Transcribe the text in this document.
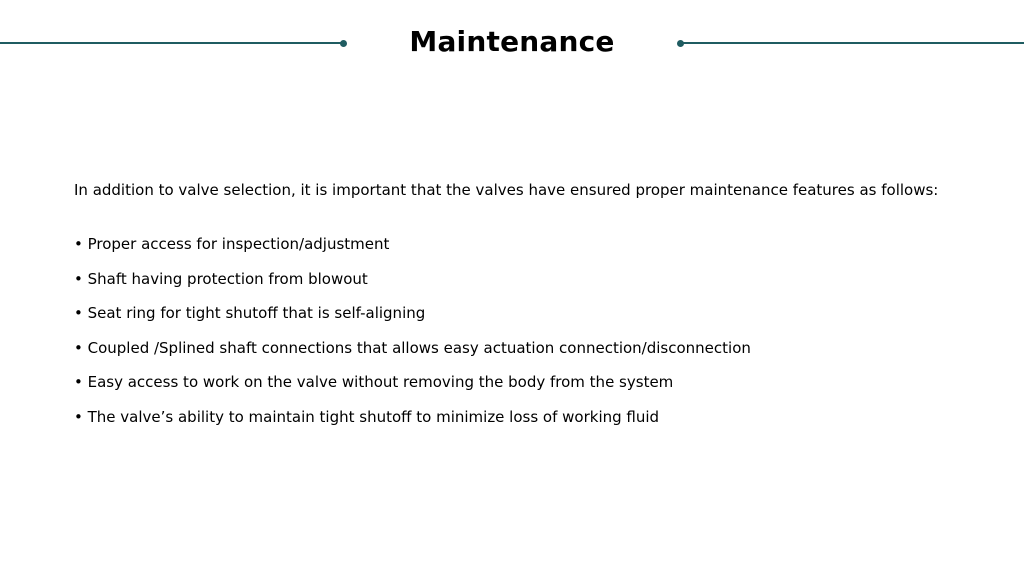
Maintenance

In addition to valve selection, it is important that the valves have ensured proper maintenance features as follows:

• Proper access for inspection/adjustment
• Shaft having protection from blowout
• Seat ring for tight shutoff that is self-aligning
• Coupled /Splined shaft connections that allows easy actuation connection/disconnection
• Easy access to work on the valve without removing the body from the system
• The valve’s ability to maintain tight shutoff to minimize loss of working fluid
